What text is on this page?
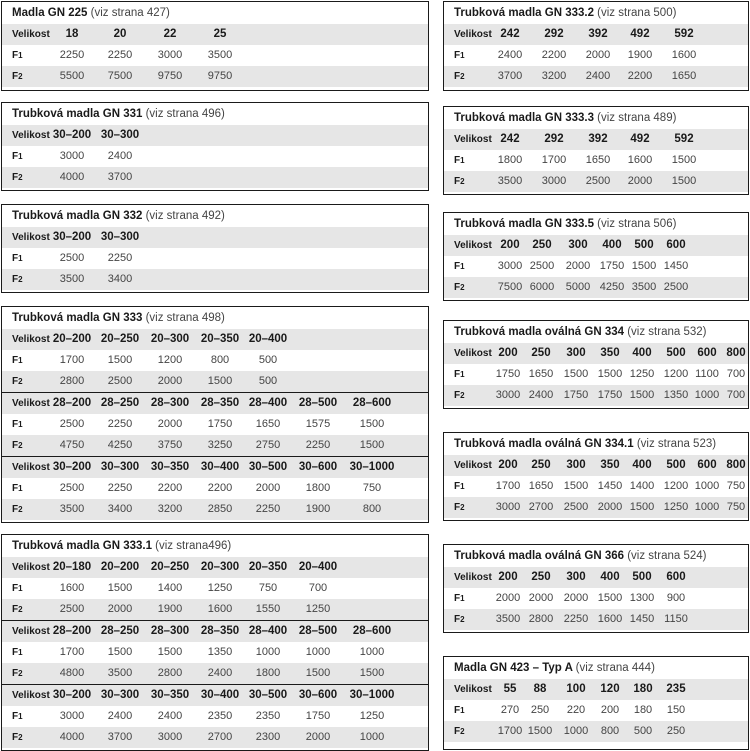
Madla GN 225 (viz strana 427)
Velikost 18	20	22	25
F1	2250 2250 3000 3500
F2	5500 7500 9750 9750
Trubková madla GN 331 (viz strana 496)
Velikost 30–200 30–300
F1	3000 2400
F2	4000 3700
Trubková madla GN 332 (viz strana 492)
Velikost 30–200 30–300
F1	2500 2250
F2	3500 3400
Trubková madla GN 333 (viz strana 498)
Velikost 20–200 20–250 20–300 20–350 20–400
F1	1700 1500 1200	800	500
F2	2800 2500 2000 1500 500
Velikost 28–200 28–250 28–300 28–350 28–400 28–500 28–600
F1	2500 2250 2000 1750 1650 1575	1500
F2	4750 4250 3750 3250 2750 2250	1500
Velikost 30–200 30–300 30–350 30–400 30–500 30–600 30–1000
F1	2500 2250 2200 2200 2000 1800	750
F2	3500 3400 3200 2850 2250 1900	800
Trubková madla GN 333.1 (viz strana496)
Velikost 20–180 20–200 20–250 20–300 20–350 20–400
F1	1600 1500 1400 1250 750	700
F2	2500 2000 1900 1600 1550 1250
Velikost 28–200 28–250 28–300 28–350 28–400 28–500 28–600
F1	1700 1500 1500 1350 1000 1000	1000
F2	4800 3500 2800 2400 1800 1500	1500
Velikost 30–200 30–300 30–350 30–400 30–500 30–600 30–1000
F1	3000 2400 2400 2350 2350 1750	1250
F2	4000 3700 3000 2700 2300 2000	1000
Trubková madla GN 333.2 (viz strana 500)
Velikost 242 292 392 492 592
F1	2400 2200 2000 1900 1600
F2	3700 3200 2400 2200 1650
Trubková madla GN 333.3 (viz strana 489)
Velikost 242 292 392 492 592
F1	1800 1700 1650 1600 1500
F2	3500 3000 2500 2000 1500
Trubková madla GN 333.5 (viz strana 506)
Velikost 200 250 300 400 500 600
F1	3000 2500 2000 1750 1500 1450
F2	7500 6000 5000 4250 3500 2500
Trubková madla oválná GN 334 (viz strana 532)
Velikost 200 250 300 350 400 500 600 800
F1	1750 1650 1500 1500 1250 1200 1100 700
F2	3000 2400 1750 1750 1500 1350 1000 700
Trubková madla oválná GN 334.1 (viz strana 523)
Velikost 200 250 300 350 400 500 600 800
F1	1700 1650 1500 1450 1400 1200 1000 750
F2	3000 2700 2500 2000 1500 1250 1000 750
Trubková madla oválná GN 366 (viz strana 524)
Velikost 200 250 300 400 500 600
F1	2000 2000 2000 1500 1300 900
F2	3500 2800 2250 1600 1450 1150
Madla GN 423 – Typ A (viz strana 444)
Velikost 55 88 100 120 180 235
F1	270 250 220 200 180 150
F2	1700 1500 1000 800 500 250
